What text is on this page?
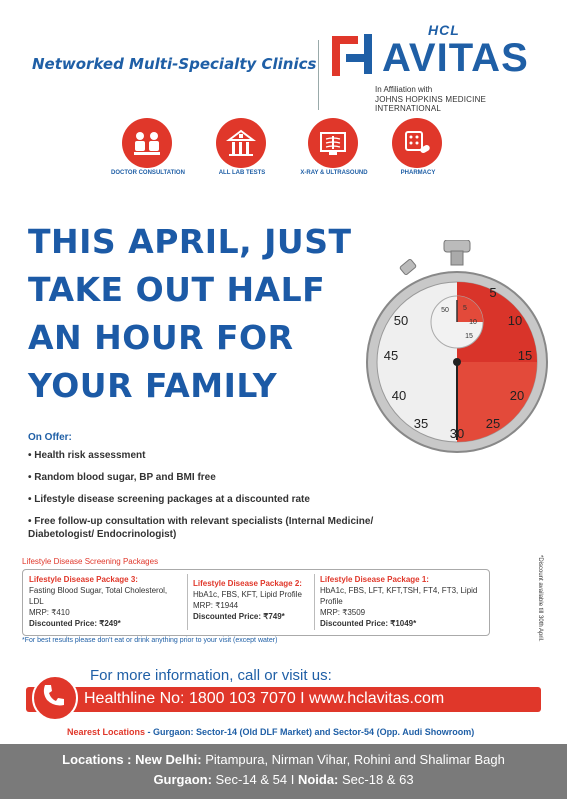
Networked Multi-Specialty Clinics
HCL
AVITAS
In Affiliation with
JOHNS HOPKINS MEDICINE INTERNATIONAL
DOCTOR CONSULTATION	ALL LAB TESTS	X-RAY & ULTRASOUND	PHARMACY
THIS APRIL, JUST
TAKE OUT HALF
AN HOUR FOR
YOUR FAMILY
5
10
15
20
25
30
35
40
45
50
50 5
10
15
On Offer:
• Health risk assessment
• Random blood sugar, BP and BMI free
• Lifestyle disease screening packages at a discounted rate
• Free follow-up consultation with relevant specialists (Internal Medicine/
Diabetologist/ Endocrinologist)
Lifestyle Disease Screening Packages
Lifestyle Disease Package 3:
Fasting Blood Sugar, Total Cholesterol, LDL
MRP: ₹410
Discounted Price: ₹249*
Lifestyle Disease Package 2:
HbA1c, FBS, KFT, Lipid Profile
MRP: ₹1944
Discounted Price: ₹749*
Lifestyle Disease Package 1:
HbA1c, FBS, LFT, KFT,TSH, FT4, FT3, Lipid Profile
MRP: ₹3509
Discounted Price: ₹1049*
*For best results please don't eat or drink anything prior to your visit (except water)	*Discount available till 30th April.
For more information, call or visit us:
Healthline No: 1800 103 7070 I www.hclavitas.com
Nearest Locations - Gurgaon: Sector-14 (Old DLF Market) and Sector-54 (Opp. Audi Showroom)
Locations : New Delhi: Pitampura, Nirman Vihar, Rohini and Shalimar Bagh
Gurgaon: Sec-14 & 54 I Noida: Sec-18 & 63
